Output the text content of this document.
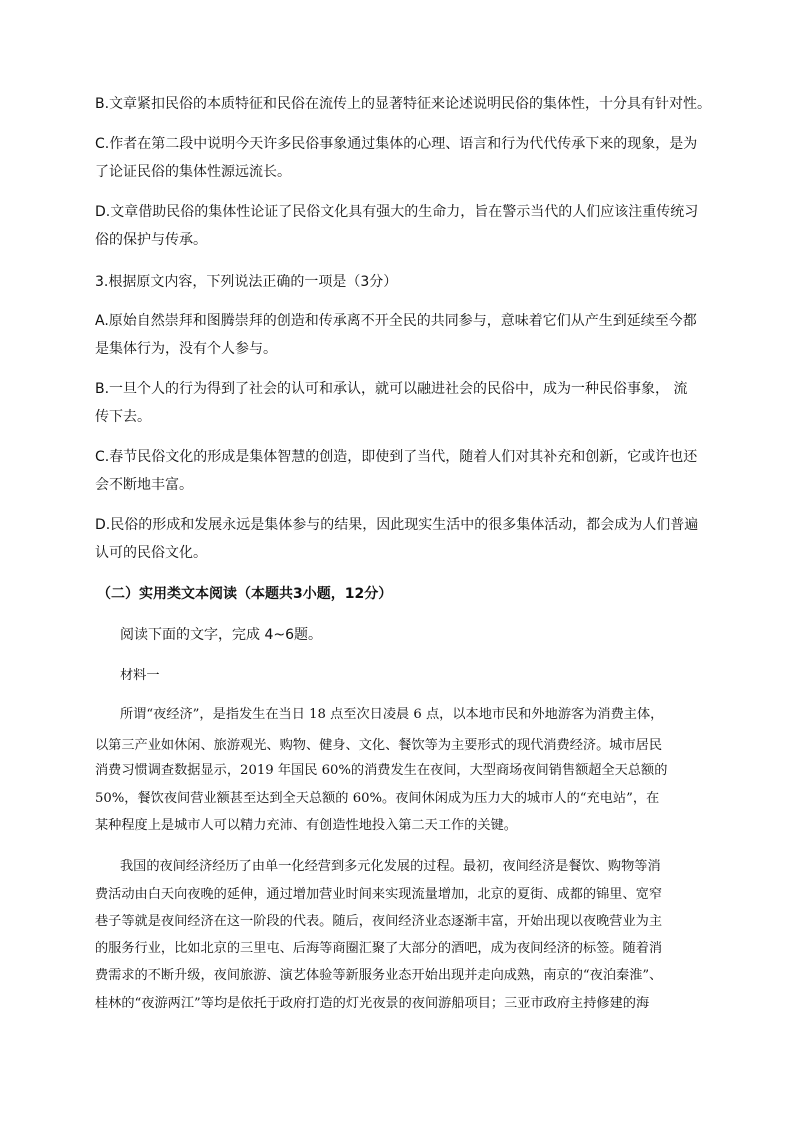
B.文章紧扣民俗的本质特征和民俗在流传上的显著特征来论述说明民俗的集体性，十分具有针对性。
C.作者在第二段中说明今天许多民俗事象通过集体的心理、语言和行为代代传承下来的现象，是为
了论证民俗的集体性源远流长。
D.文章借助民俗的集体性论证了民俗文化具有强大的生命力，旨在警示当代的人们应该注重传统习
俗的保护与传承。
3.根据原文内容，下列说法正确的一项是（3分）
A.原始自然崇拜和图腾崇拜的创造和传承离不开全民的共同参与，意味着它们从产生到延续至今都
是集体行为，没有个人参与。
B.一旦个人的行为得到了社会的认可和承认，就可以融进社会的民俗中，成为一种民俗事象， 流
传下去。
C.春节民俗文化的形成是集体智慧的创造，即使到了当代，随着人们对其补充和创新，它或许也还
会不断地丰富。
D.民俗的形成和发展永远是集体参与的结果，因此现实生活中的很多集体活动，都会成为人们普遍
认可的民俗文化。
（二）实用类文本阅读（本题共3小题，12分）
阅读下面的文字，完成 4~6题。
材料一
所谓“夜经济”，是指发生在当日 18 点至次日凌晨 6 点，以本地市民和外地游客为消费主体，
以第三产业如休闲、旅游观光、购物、健身、文化、餐饮等为主要形式的现代消费经济。城市居民
消费习惯调查数据显示，2019 年国民 60%的消费发生在夜间，大型商场夜间销售额超全天总额的
50%，餐饮夜间营业额甚至达到全天总额的 60%。夜间休闲成为压力大的城市人的“充电站”，在
某种程度上是城市人可以精力充沛、有创造性地投入第二天工作的关键。
我国的夜间经济经历了由单一化经营到多元化发展的过程。最初，夜间经济是餐饮、购物等消
费活动由白天向夜晚的延伸，通过增加营业时间来实现流量增加，北京的夏街、成都的锦里、宽窄
巷子等就是夜间经济在这一阶段的代表。随后，夜间经济业态逐渐丰富，开始出现以夜晚营业为主
的服务行业，比如北京的三里屯、后海等商圈汇聚了大部分的酒吧，成为夜间经济的标签。随着消
费需求的不断升级，夜间旅游、演艺体验等新服务业态开始出现并走向成熟，南京的“夜泊秦淮”、
桂林的“夜游两江”等均是依托于政府打造的灯光夜景的夜间游船项目；三亚市政府主持修建的海
